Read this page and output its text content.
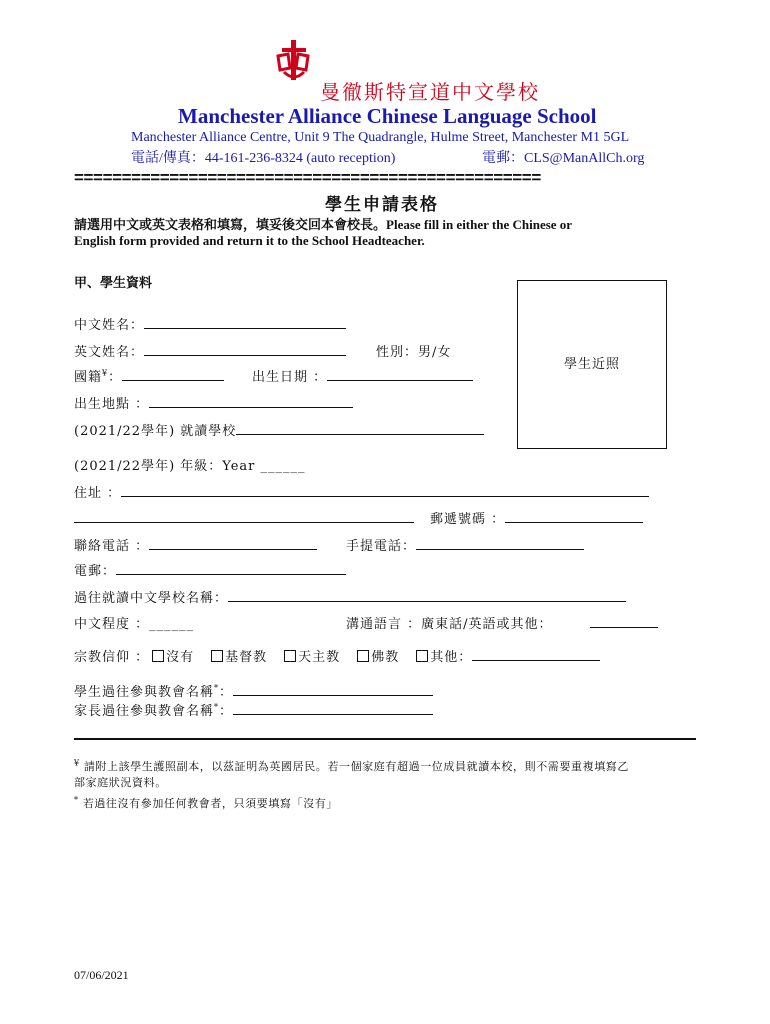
曼徹斯特宣道中文學校
Manchester Alliance Chinese Language School
Manchester Alliance Centre, Unit 9 The Quadrangle, Hulme Street, Manchester M1 5GL
電話/傳真：44-161-236-8324 (auto reception)	電郵：CLS@ManAllCh.org
=================================================
學生申請表格
請選用中文或英文表格和填寫，填妥後交回本會校長。Please fill in either the Chinese or
English form provided and return it to the School Headteacher.
甲、學生資料
學生近照
中文姓名：
英文姓名：	性別：男/女
國籍¥：	出生日期 ：
出生地點 ：
(2021/22學年) 就讀學校
(2021/22學年) 年級：Year ______
住址 ：
郵遞號碼 ：
聯絡電話 ：	手提電話：
電郵：
過往就讀中文學校名稱：
中文程度 ：______	溝通語言 ：廣東話/英語或其他：
宗教信仰 ： 沒有 基督教 天主教 佛教 其他：
學生過往參與教會名稱*：
家長過往參與教會名稱*：
¥ 請附上該學生護照副本，以茲証明為英國居民。若一個家庭有超過一位成員就讀本校，則不需要重複填寫乙
部家庭狀況資料。
* 若過往沒有參加任何教會者，只須要填寫「沒有」
07/06/2021
